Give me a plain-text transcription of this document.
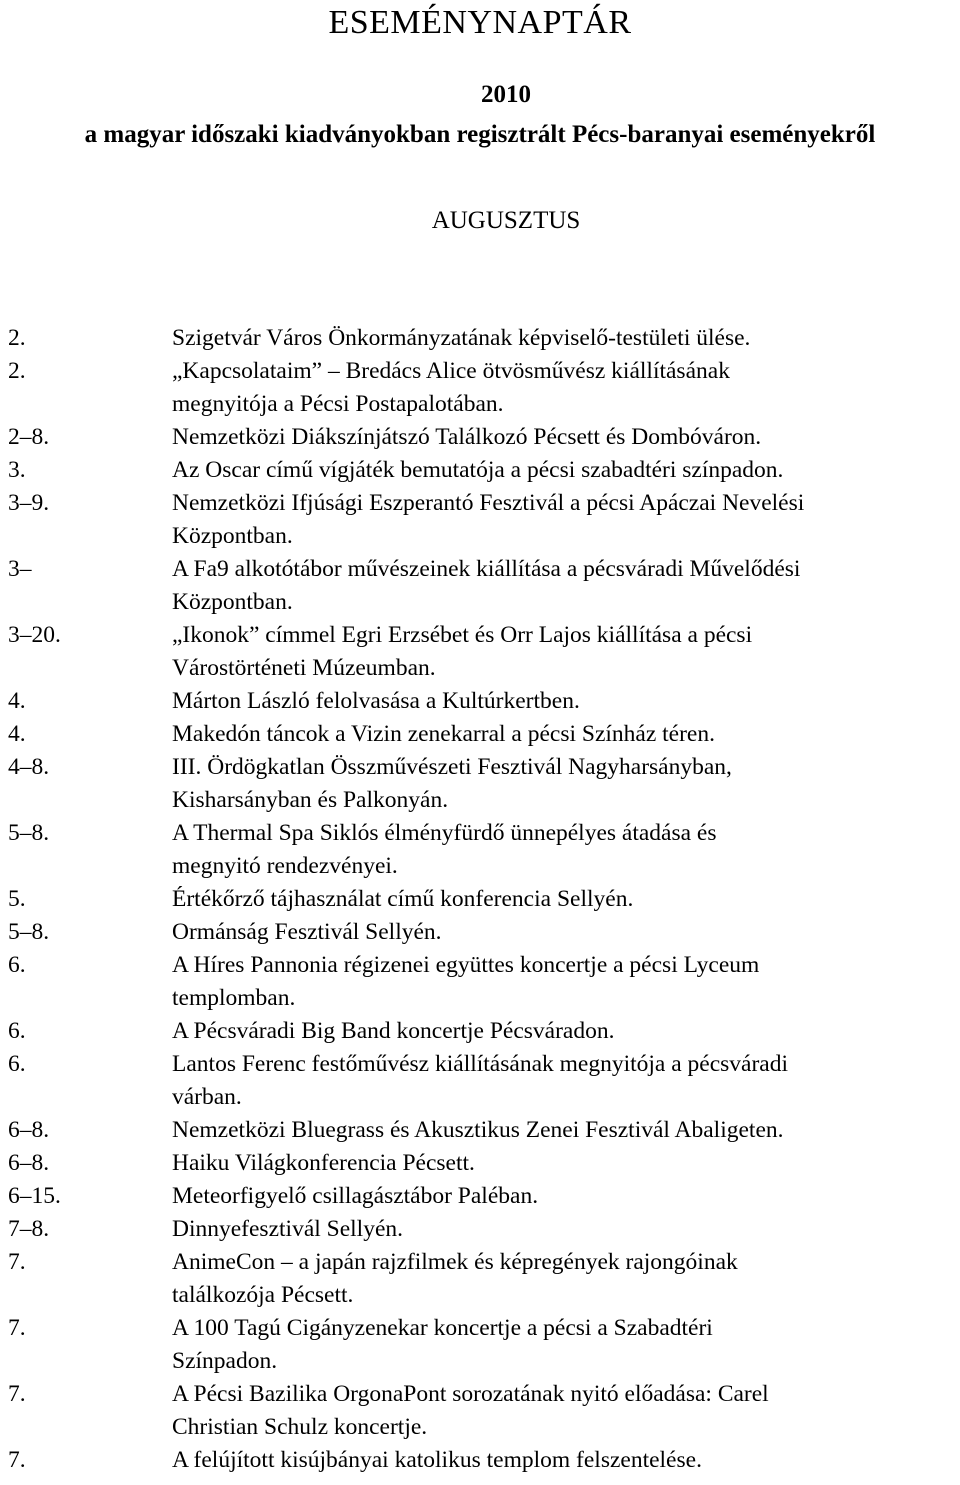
ESEMÉNYNAPTÁR
2010
a magyar időszaki kiadványokban regisztrált Pécs-baranyai eseményekről
AUGUSZTUS
2.	Szigetvár Város Önkormányzatának képviselő-testületi ülése.
2.	„Kapcsolataim” – Bredács Alice ötvösművész kiállításának
megnyitója a Pécsi Postapalotában.
2–8.	Nemzetközi Diákszínjátszó Találkozó Pécsett és Dombóváron.
3.	Az Oscar című vígjáték bemutatója a pécsi szabadtéri színpadon.
3–9.	Nemzetközi Ifjúsági Eszperantó Fesztivál a pécsi Apáczai Nevelési
Központban.
3–	A Fa9 alkotótábor művészeinek kiállítása a pécsváradi Művelődési
Központban.
3–20.	„Ikonok” címmel Egri Erzsébet és Orr Lajos kiállítása a pécsi
Várostörténeti Múzeumban.
4.	Márton László felolvasása a Kultúrkertben.
4.	Makedón táncok a Vizin zenekarral a pécsi Színház téren.
4–8.	III. Ördögkatlan Összművészeti Fesztivál Nagyharsányban,
Kisharsányban és Palkonyán.
5–8.	A Thermal Spa Siklós élményfürdő ünnepélyes átadása és
megnyitó rendezvényei.
5.	Értékőrző tájhasználat című konferencia Sellyén.
5–8.	Ormánság Fesztivál Sellyén.
6.	A Híres Pannonia régizenei együttes koncertje a pécsi Lyceum
templomban.
6.	A Pécsváradi Big Band koncertje Pécsváradon.
6.	Lantos Ferenc festőművész kiállításának megnyitója a pécsváradi
várban.
6–8.	Nemzetközi Bluegrass és Akusztikus Zenei Fesztivál Abaligeten.
6–8.	Haiku Világkonferencia Pécsett.
6–15.	Meteorfigyelő csillagásztábor Paléban.
7–8.	Dinnyefesztivál Sellyén.
7.	AnimeCon – a japán rajzfilmek és képregények rajongóinak
találkozója Pécsett.
7.	A 100 Tagú Cigányzenekar koncertje a pécsi a Szabadtéri
Színpadon.
7.	A Pécsi Bazilika OrgonaPont sorozatának nyitó előadása: Carel
Christian Schulz koncertje.
7.	A felújított kisújbányai katolikus templom felszentelése.
